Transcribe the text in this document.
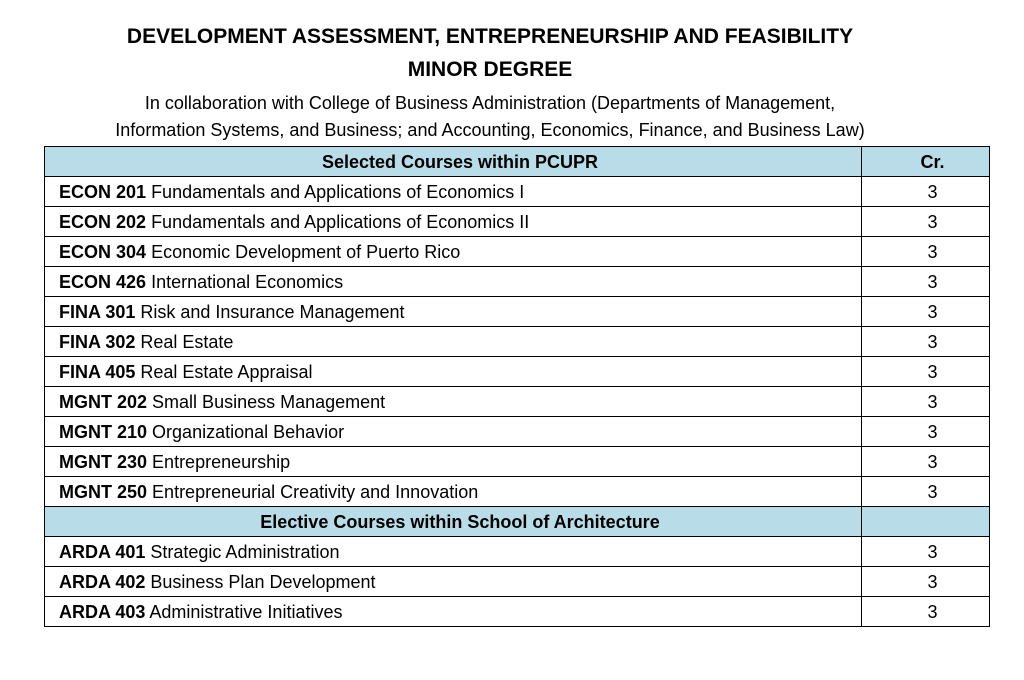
DEVELOPMENT ASSESSMENT, ENTREPRENEURSHIP AND FEASIBILITY
MINOR DEGREE

In collaboration with College of Business Administration (Departments of Management,

Information Systems, and Business; and Accounting, Economics, Finance, and Business Law)

Selected Courses within PCUPR	Cr.
ECON 201 Fundamentals and Applications of Economics I	3
ECON 202 Fundamentals and Applications of Economics II	3
ECON 304 Economic Development of Puerto Rico	3
ECON 426 International Economics	3
FINA 301 Risk and Insurance Management	3
FINA 302 Real Estate	3
FINA 405 Real Estate Appraisal	3
MGNT 202 Small Business Management	3
MGNT 210 Organizational Behavior	3
MGNT 230 Entrepreneurship	3
MGNT 250 Entrepreneurial Creativity and Innovation	3
Elective Courses within School of Architecture	
ARDA 401 Strategic Administration	3
ARDA 402 Business Plan Development	3
ARDA 403 Administrative Initiatives	3
